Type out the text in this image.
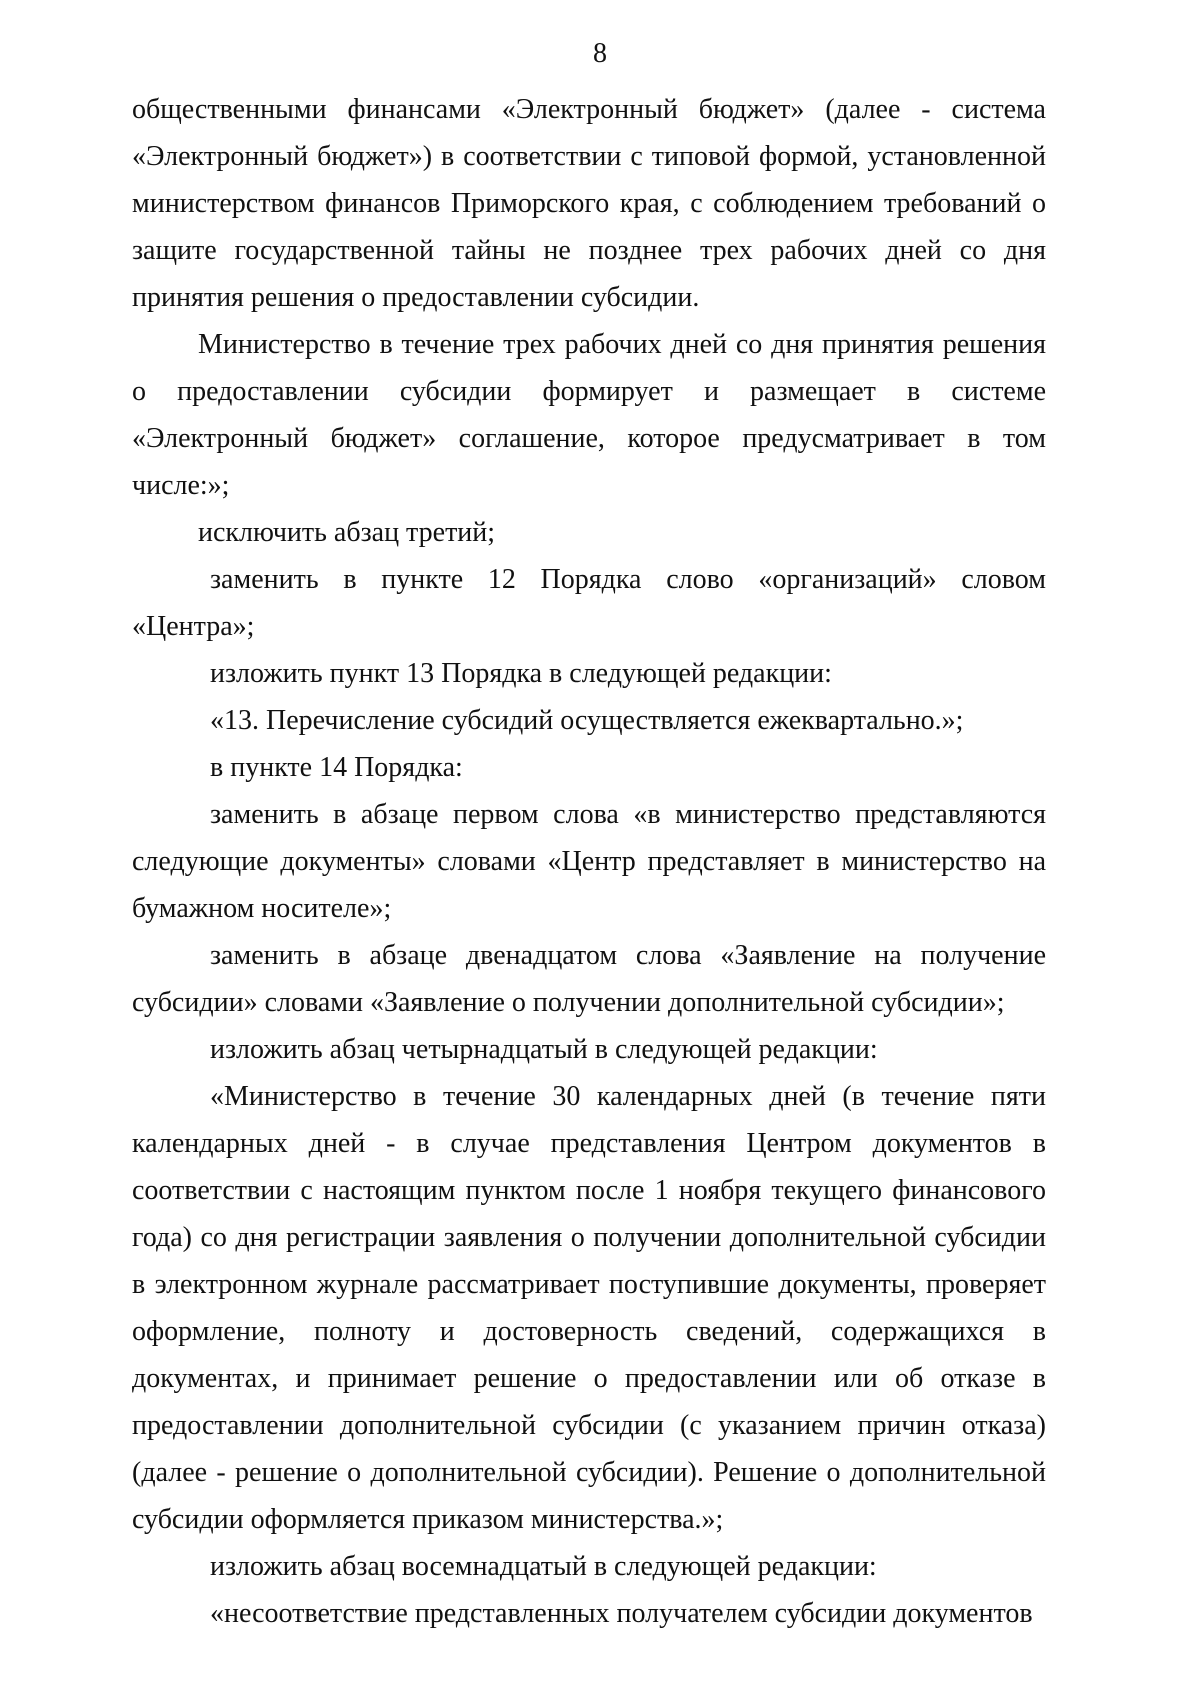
8

общественными финансами «Электронный бюджет» (далее - система «Электронный бюджет») в соответствии с типовой формой, установленной министерством финансов Приморского края, с соблюдением требований о защите государственной тайны не позднее трех рабочих дней со дня принятия решения о предоставлении субсидии.

Министерство в течение трех рабочих дней со дня принятия решения о предоставлении субсидии формирует и размещает в системе «Электронный бюджет» соглашение, которое предусматривает в том числе:»;

исключить абзац третий;

заменить в пункте 12 Порядка слово «организаций» словом «Центра»;

изложить пункт 13 Порядка в следующей редакции:

«13. Перечисление субсидий осуществляется ежеквартально.»;

в пункте 14 Порядка:

заменить в абзаце первом слова «в министерство представляются следующие документы» словами «Центр представляет в министерство на бумажном носителе»;

заменить в абзаце двенадцатом слова «Заявление на получение субсидии» словами «Заявление о получении дополнительной субсидии»;

изложить абзац четырнадцатый в следующей редакции:

«Министерство в течение 30 календарных дней (в течение пяти календарных дней - в случае представления Центром документов в соответствии с настоящим пунктом после 1 ноября текущего финансового года) со дня регистрации заявления о получении дополнительной субсидии в электронном журнале рассматривает поступившие документы, проверяет оформление, полноту и достоверность сведений, содержащихся в документах, и принимает решение о предоставлении или об отказе в предоставлении дополнительной субсидии (с указанием причин отказа) (далее - решение о дополнительной субсидии). Решение о дополнительной субсидии оформляется приказом министерства.»;

изложить абзац восемнадцатый в следующей редакции:

«несоответствие представленных получателем субсидии документов
